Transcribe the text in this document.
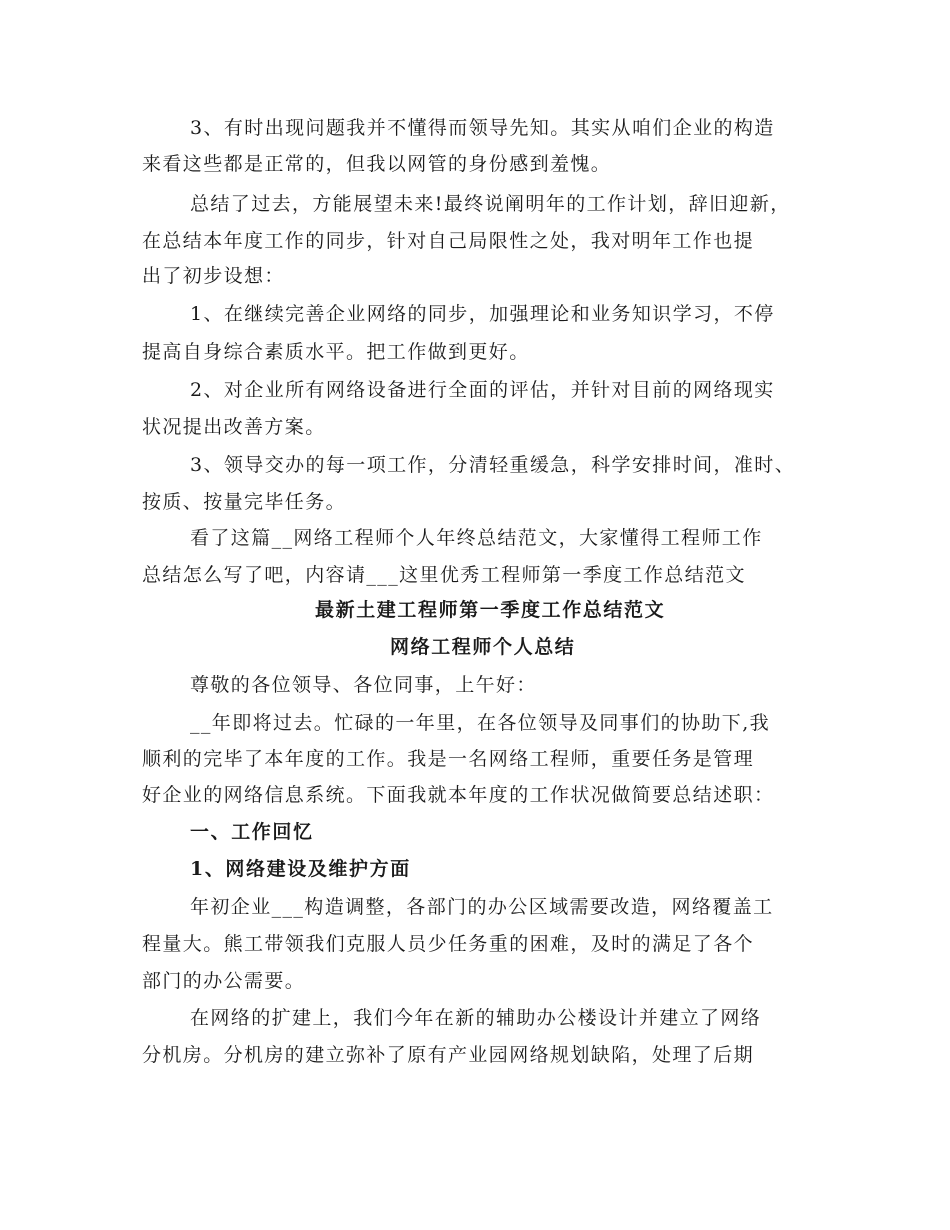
3、有时出现问题我并不懂得而领导先知。其实从咱们企业的构造
来看这些都是正常的，但我以网管的身份感到羞愧。
总结了过去，方能展望未来!最终说阐明年的工作计划，辞旧迎新，
在总结本年度工作的同步，针对自己局限性之处，我对明年工作也提
出了初步设想：
1、在继续完善企业网络的同步，加强理论和业务知识学习，不停
提高自身综合素质水平。把工作做到更好。
2、对企业所有网络设备进行全面的评估，并针对目前的网络现实
状况提出改善方案。
3、领导交办的每一项工作，分清轻重缓急，科学安排时间，准时、
按质、按量完毕任务。
看了这篇__网络工程师个人年终总结范文，大家懂得工程师工作
总结怎么写了吧，内容请___这里优秀工程师第一季度工作总结范文
最新土建工程师第一季度工作总结范文
网络工程师个人总结
尊敬的各位领导、各位同事，上午好：
__年即将过去。忙碌的一年里，在各位领导及同事们的协助下,我
顺利的完毕了本年度的工作。我是一名网络工程师，重要任务是管理
好企业的网络信息系统。下面我就本年度的工作状况做简要总结述职：
一、工作回忆
1、网络建设及维护方面
年初企业___构造调整，各部门的办公区域需要改造，网络覆盖工
程量大。熊工带领我们克服人员少任务重的困难，及时的满足了各个
部门的办公需要。
在网络的扩建上，我们今年在新的辅助办公楼设计并建立了网络
分机房。分机房的建立弥补了原有产业园网络规划缺陷，处理了后期
